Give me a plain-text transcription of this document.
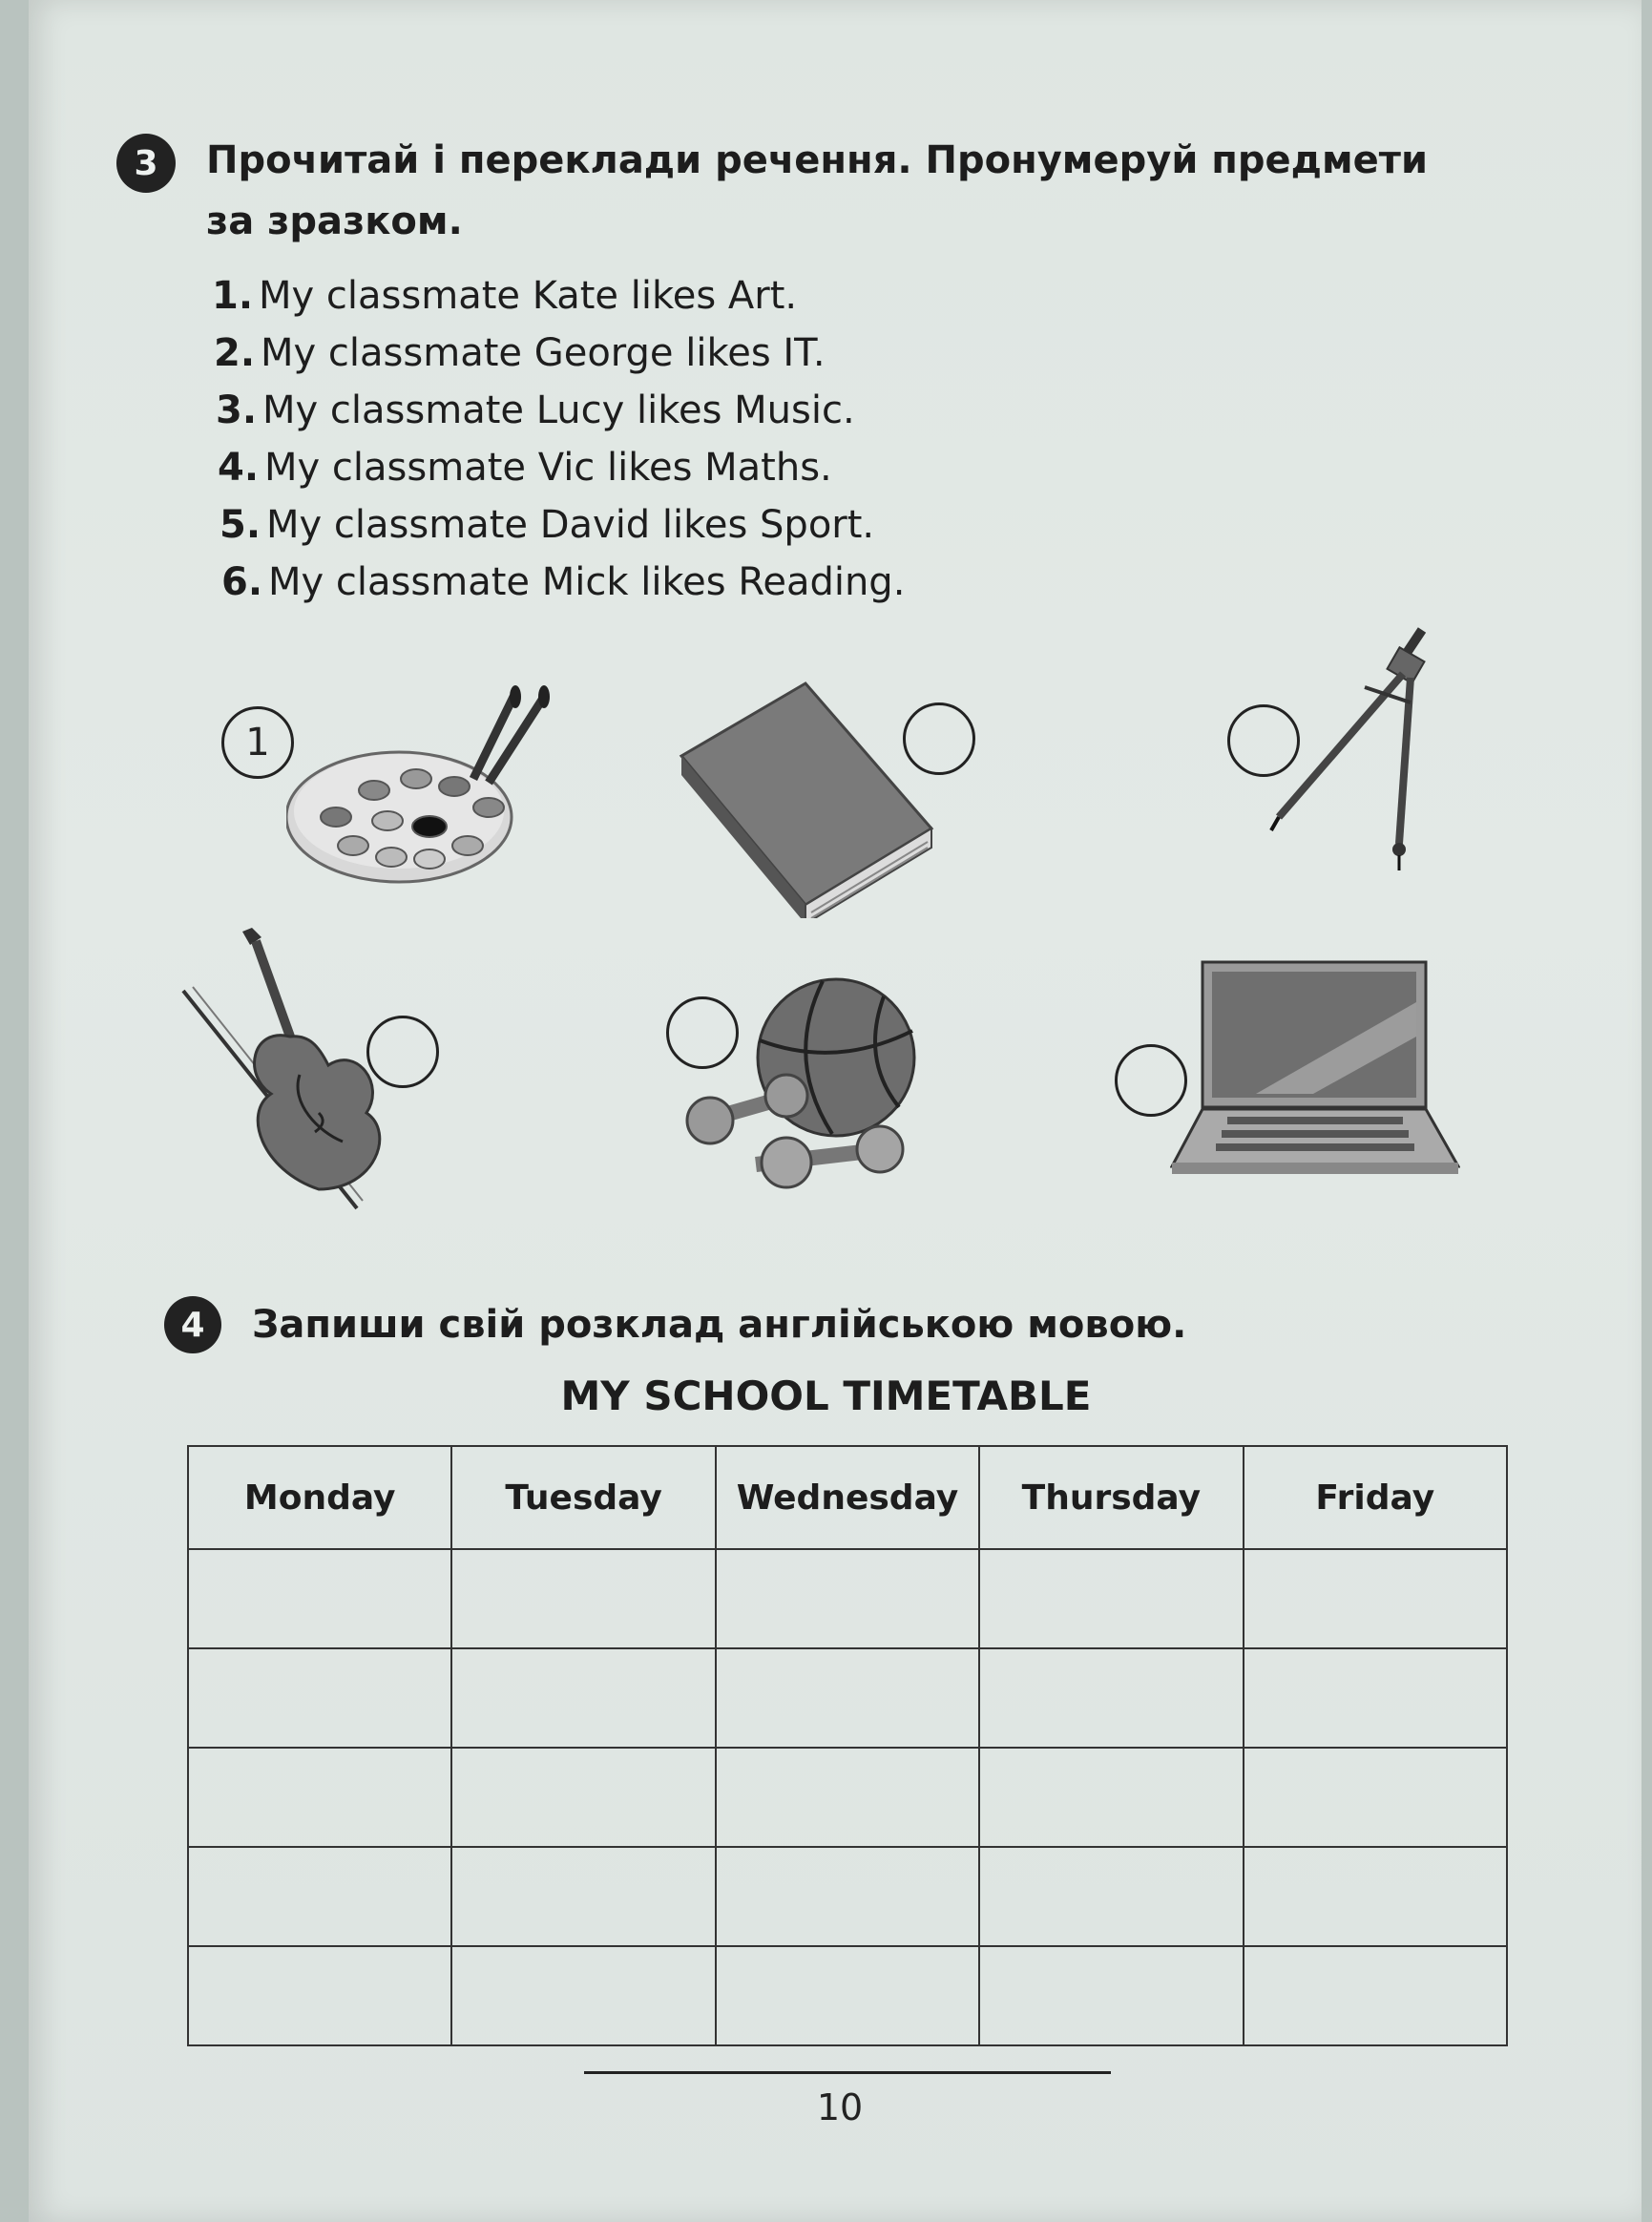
3	Прочитай і переклади речення. Пронумеруй предмети
за зразком.
1. My classmate Kate likes Art.
2. My classmate George likes IT.
3. My classmate Lucy likes Music.
4. My classmate Vic likes Maths.
5. My classmate David likes Sport.
6. My classmate Mick likes Reading.
1
4	Запиши свій розклад англійською мовою.
MY SCHOOL TIMETABLE
Monday	Tuesday	Wednesday	Thursday	Friday

10
